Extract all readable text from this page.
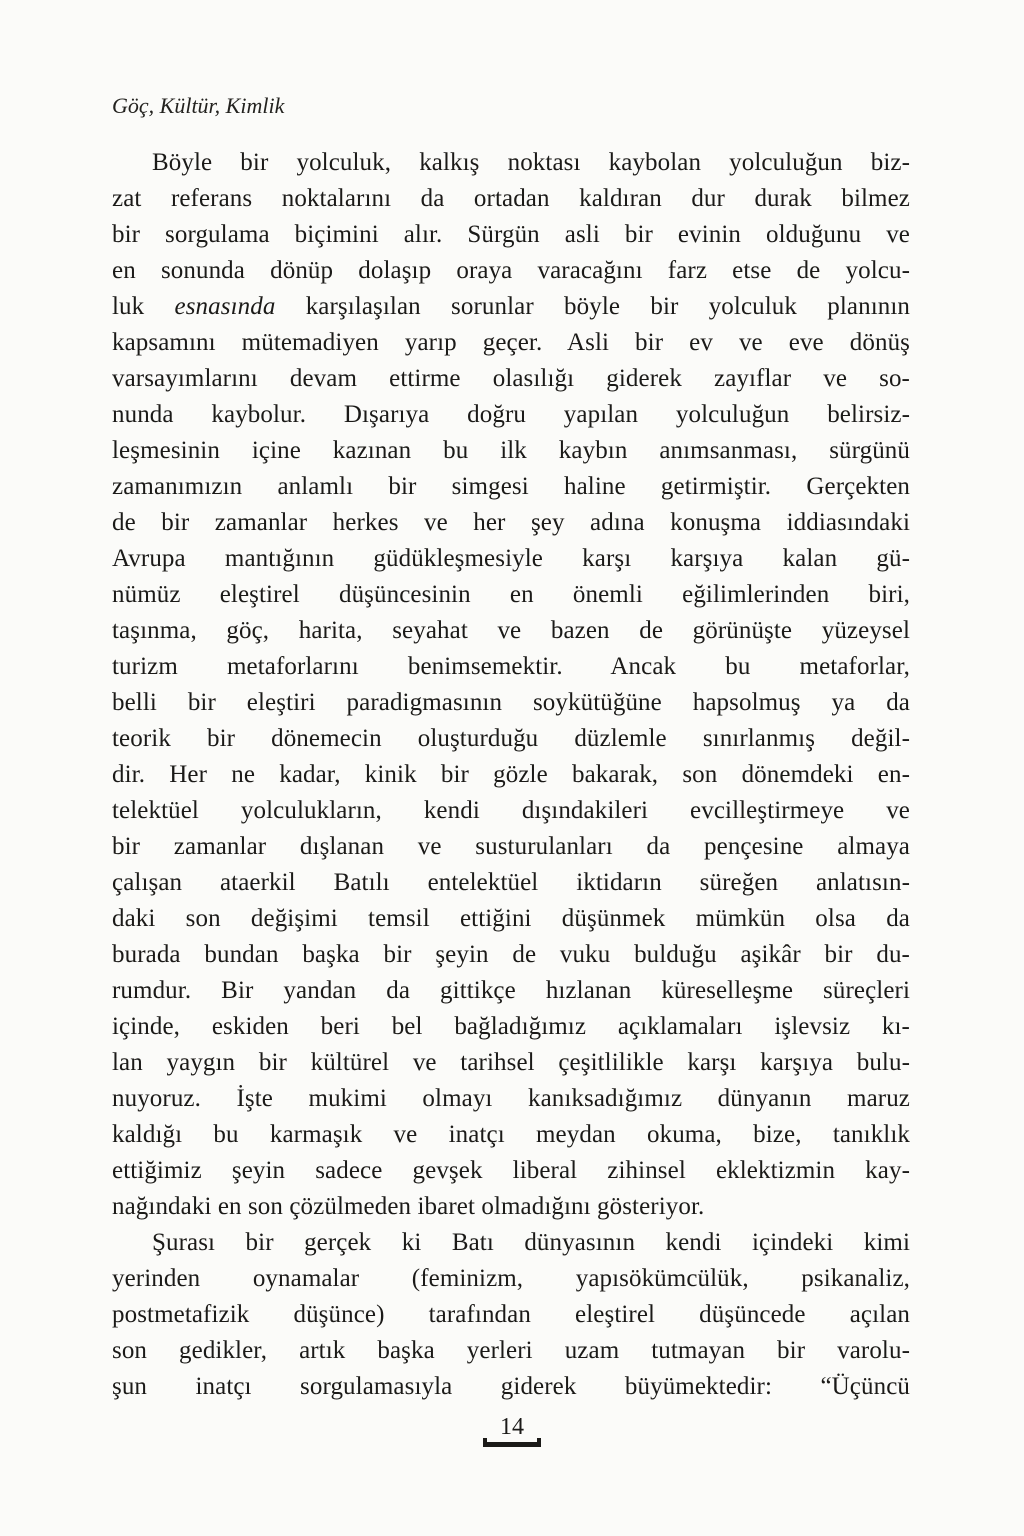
Göç, Kültür, Kimlik
Böyle bir yolculuk, kalkış noktası kaybolan yolculuğun biz-
zat referans noktalarını da ortadan kaldıran dur durak bilmez
bir sorgulama biçimini alır. Sürgün asli bir evinin olduğunu ve
en sonunda dönüp dolaşıp oraya varacağını farz etse de yolcu-
luk esnasında karşılaşılan sorunlar böyle bir yolculuk planının
kapsamını mütemadiyen yarıp geçer. Asli bir ev ve eve dönüş
varsayımlarını devam ettirme olasılığı giderek zayıflar ve so-
nunda kaybolur. Dışarıya doğru yapılan yolculuğun belirsiz-
leşmesinin içine kazınan bu ilk kaybın anımsanması, sürgünü
zamanımızın anlamlı bir simgesi haline getirmiştir. Gerçekten
de bir zamanlar herkes ve her şey adına konuşma iddiasındaki
Avrupa mantığının güdükleşmesiyle karşı karşıya kalan gü-
nümüz eleştirel düşüncesinin en önemli eğilimlerinden biri,
taşınma, göç, harita, seyahat ve bazen de görünüşte yüzeysel
turizm metaforlarını benimsemektir. Ancak bu metaforlar,
belli bir eleştiri paradigmasının soykütüğüne hapsolmuş ya da
teorik bir dönemecin oluşturduğu düzlemle sınırlanmış değil-
dir. Her ne kadar, kinik bir gözle bakarak, son dönemdeki en-
telektüel yolculukların, kendi dışındakileri evcilleştirmeye ve
bir zamanlar dışlanan ve susturulanları da pençesine almaya
çalışan ataerkil Batılı entelektüel iktidarın süreğen anlatısın-
daki son değişimi temsil ettiğini düşünmek mümkün olsa da
burada bundan başka bir şeyin de vuku bulduğu aşikâr bir du-
rumdur. Bir yandan da gittikçe hızlanan küreselleşme süreçleri
içinde, eskiden beri bel bağladığımız açıklamaları işlevsiz kı-
lan yaygın bir kültürel ve tarihsel çeşitlilikle karşı karşıya bulu-
nuyoruz. İşte mukimi olmayı kanıksadığımız dünyanın maruz
kaldığı bu karmaşık ve inatçı meydan okuma, bize, tanıklık
ettiğimiz şeyin sadece gevşek liberal zihinsel eklektizmin kay-
nağındaki en son çözülmeden ibaret olmadığını gösteriyor.
Şurası bir gerçek ki Batı dünyasının kendi içindeki kimi
yerinden oynamalar (feminizm, yapısökümcülük, psikanaliz,
postmetafizik düşünce) tarafından eleştirel düşüncede açılan
son gedikler, artık başka yerleri uzam tutmayan bir varolu-
şun inatçı sorgulamasıyla giderek büyümektedir: “Üçüncü
14
